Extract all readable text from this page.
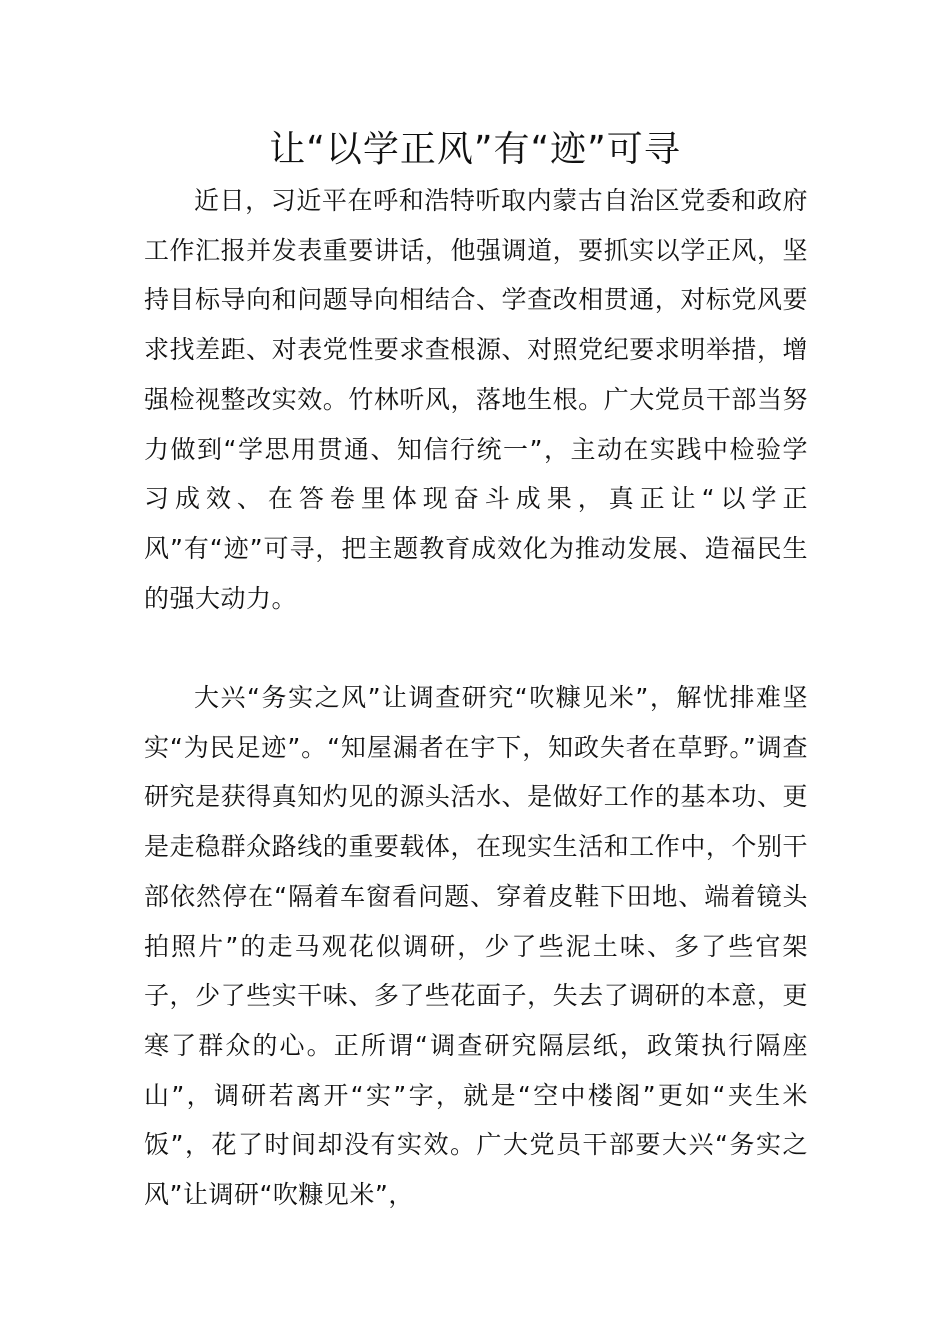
让“以学正风”有“迹”可寻

近日，习近平在呼和浩特听取内蒙古自治区党委和政府工作汇报并发表重要讲话，他强调道，要抓实以学正风，坚持目标导向和问题导向相结合、学查改相贯通，对标党风要求找差距、对表党性要求查根源、对照党纪要求明举措，增强检视整改实效。竹林听风，落地生根。广大党员干部当努力做到“学思用贯通、知信行统一”，主动在实践中检验学习成效、在答卷里体现奋斗成果，真正让“以学正风”有“迹”可寻，把主题教育成效化为推动发展、造福民生的强大动力。

大兴“务实之风”让调查研究“吹糠见米”，解忧排难坚实“为民足迹”。“知屋漏者在宇下，知政失者在草野。”调查研究是获得真知灼见的源头活水、是做好工作的基本功、更是走稳群众路线的重要载体，在现实生活和工作中，个别干部依然停在“隔着车窗看问题、穿着皮鞋下田地、端着镜头拍照片”的走马观花似调研，少了些泥土味、多了些官架子，少了些实干味、多了些花面子，失去了调研的本意，更寒了群众的心。正所谓“调查研究隔层纸，政策执行隔座山”，调研若离开“实”字，就是“空中楼阁”更如“夹生米饭”，花了时间却没有实效。广大党员干部要大兴“务实之风”让调研“吹糠见米”，
